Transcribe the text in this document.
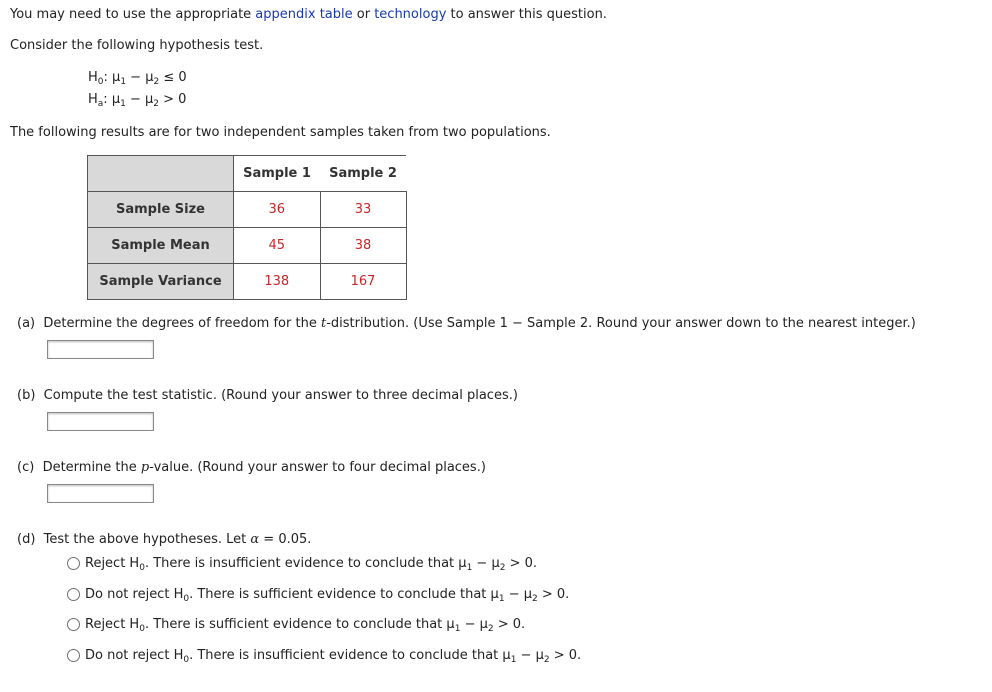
You may need to use the appropriate appendix table or technology to answer this question.
Consider the following hypothesis test.
$H_0$: $\mu_1 - \mu_2 \le 0$
$H_a$: $\mu_1 - \mu_2 > 0$
The following results are for two independent samples taken from two populations.
	Sample 1	Sample 2
Sample Size	36	33
Sample Mean	45	38
Sample Variance	138	167
(a) Determine the degrees of freedom for the t-distribution. (Use Sample 1 − Sample 2. Round your answer down to the nearest integer.)
(b) Compute the test statistic. (Round your answer to three decimal places.)
(c) Determine the p-value. (Round your answer to four decimal places.)
(d) Test the above hypotheses. Let α = 0.05.
Reject $H_0$. There is insufficient evidence to conclude that $\mu_1 - \mu_2 > 0$.
Do not reject $H_0$. There is sufficient evidence to conclude that $\mu_1 - \mu_2 > 0$.
Reject $H_0$. There is sufficient evidence to conclude that $\mu_1 - \mu_2 > 0$.
Do not reject $H_0$. There is insufficient evidence to conclude that $\mu_1 - \mu_2 > 0$.
